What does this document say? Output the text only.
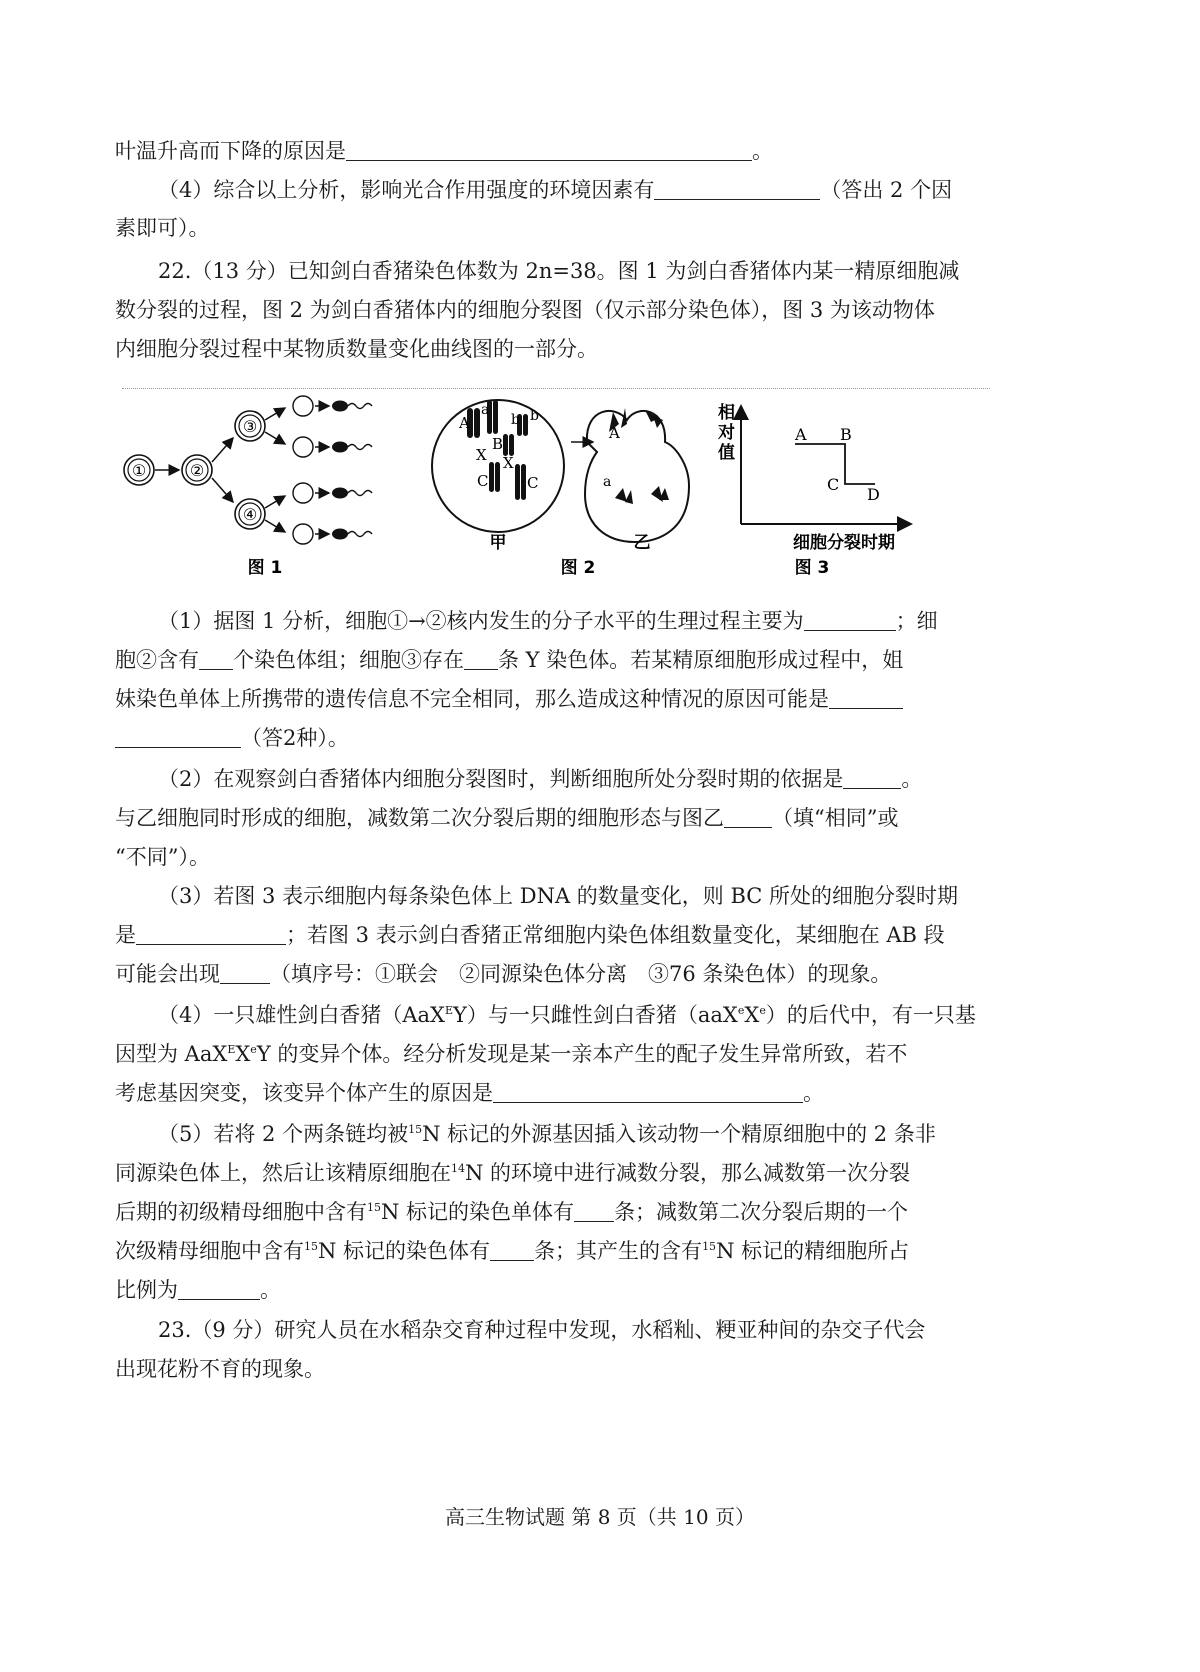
叶温升高而下降的原因是	。
（4）综合以上分析，影响光合作用强度的环境因素有	（答出 2 个因
素即可）。
22.（13 分）已知剑白香猪染色体数为 2n=38。图 1 为剑白香猪体内某一精原细胞减
数分裂的过程，图 2 为剑白香猪体内的细胞分裂图（仅示部分染色体），图 3 为该动物体
内细胞分裂过程中某物质数量变化曲线图的一部分。
①	②
③
④
图 1
A
a	b
b
B
X X
C	C
甲
A
a
乙
图 2
相
对
值
A B
C
D
细胞分裂时期
图 3
（1）据图 1 分析，细胞①→②核内发生的分子水平的生理过程主要为	；细
胞②含有 个染色体组；细胞③存在 条 Y 染色体。若某精原细胞形成过程中，姐
妹染色单体上所携带的遗传信息不完全相同，那么造成这种情况的原因可能是
（答2种）。
（2）在观察剑白香猪体内细胞分裂图时，判断细胞所处分裂时期的依据是	。
与乙细胞同时形成的细胞，减数第二次分裂后期的细胞形态与图乙 （填“相同”或
“不同”）。
（3）若图 3 表示细胞内每条染色体上 DNA 的数量变化，则 BC 所处的细胞分裂时期
是	；若图 3 表示剑白香猪正常细胞内染色体组数量变化，某细胞在 AB 段
可能会出现 （填序号：①联会　②同源染色体分离　③76 条染色体）的现象。
（4）一只雄性剑白香猪（AaX$^E$Y）与一只雌性剑白香猪（aaX$^e$Xe）的后代中，有一只基
因型为 AaX$^E$XeY 的变异个体。经分析发现是某一亲本产生的配子发生异常所致，若不
考虑基因突变，该变异个体产生的原因是	。
（5）若将 2 个两条链均被$^{15}$N 标记的外源基因插入该动物一个精原细胞中的 2 条非
同源染色体上，然后让该精原细胞在$^{14}$N 的环境中进行减数分裂，那么减数第一次分裂
后期的初级精母细胞中含有$^{15}$N 标记的染色单体有 条；减数第二次分裂后期的一个
次级精母细胞中含有$^{15}$N 标记的染色体有 条；其产生的含有$^{15}$N 标记的精细胞所占
比例为	。
23.（9 分）研究人员在水稻杂交育种过程中发现，水稻籼、粳亚种间的杂交子代会
出现花粉不育的现象。
高三生物试题 第 8 页（共 10 页）
